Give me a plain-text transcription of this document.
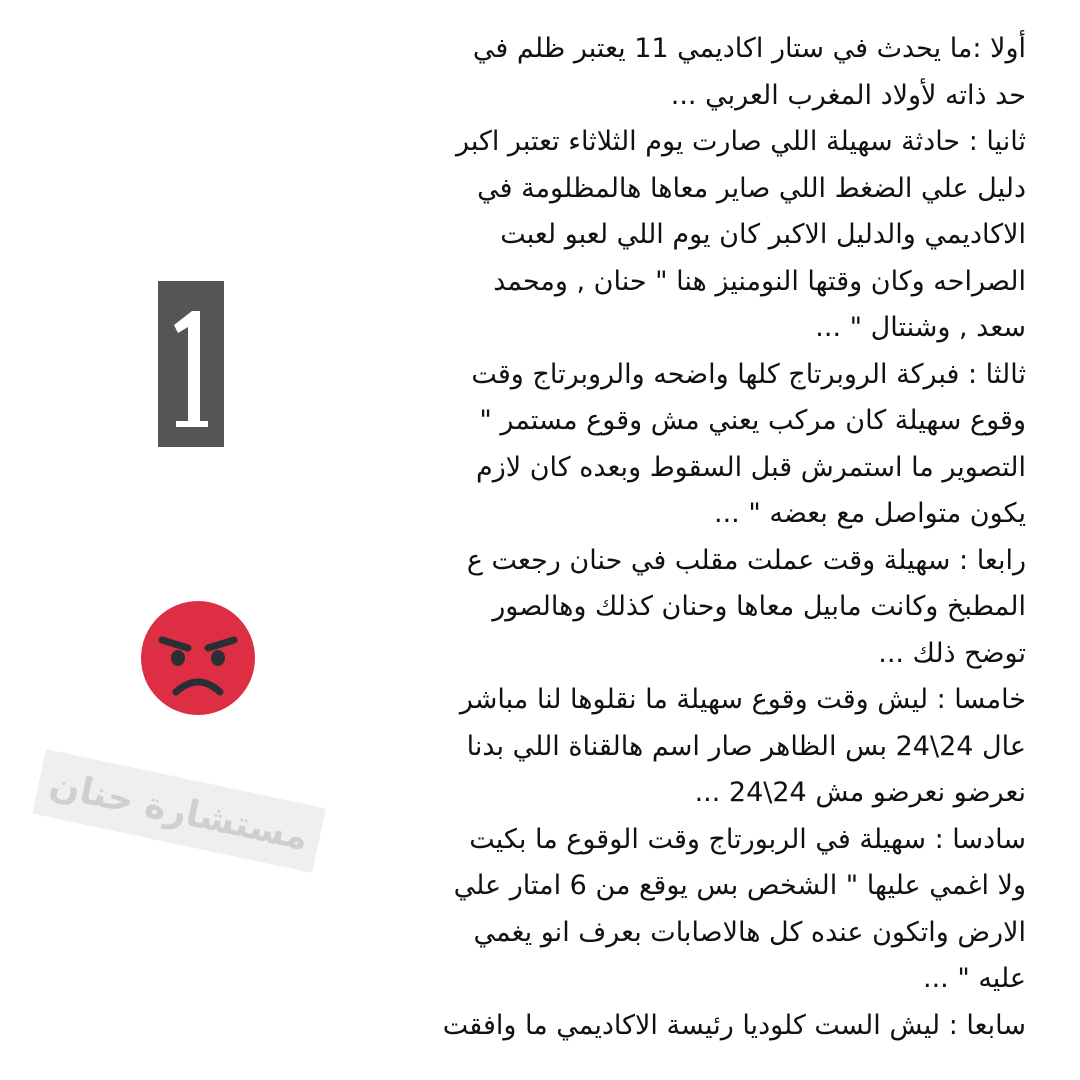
أولا :ما يحدث في ستار اكاديمي 11 يعتبر ظلم في
حد ذاته لأولاد المغرب العربي ...
ثانيا : حادثة سهيلة اللي صارت يوم الثلاثاء تعتبر اكبر
دليل علي الضغط اللي صاير معاها هالمظلومة في
الاكاديمي والدليل الاكبر كان يوم اللي لعبو لعبت
الصراحه وكان وقتها النومنيز هنا " حنان , ومحمد
سعد , وشنتال " ...
ثالثا : فبركة الروبرتاج كلها واضحه والروبرتاج وقت
وقوع سهيلة كان مركب يعني مش وقوع مستمر "
التصوير ما استمرش قبل السقوط وبعده كان لازم
يكون متواصل مع بعضه " ...
رابعا : سهيلة وقت عملت مقلب في حنان رجعت ع
المطبخ وكانت مابيل معاها وحنان كذلك وهالصور
توضح ذلك ...
خامسا : ليش وقت وقوع سهيلة ما نقلوها لنا مباشر
عال 24\24 بس الظاهر صار اسم هالقناة اللي بدنا
نعرضو نعرضو مش 24\24 ...
سادسا : سهيلة في الربورتاج وقت الوقوع ما بكيت
ولا اغمي عليها " الشخص بس يوقع من 6 امتار علي
الارض واتكون عنده كل هالاصابات بعرف انو يغمي
عليه " ...
سابعا : ليش الست كلوديا رئيسة الاكاديمي ما وافقت
مستشارة حنان
